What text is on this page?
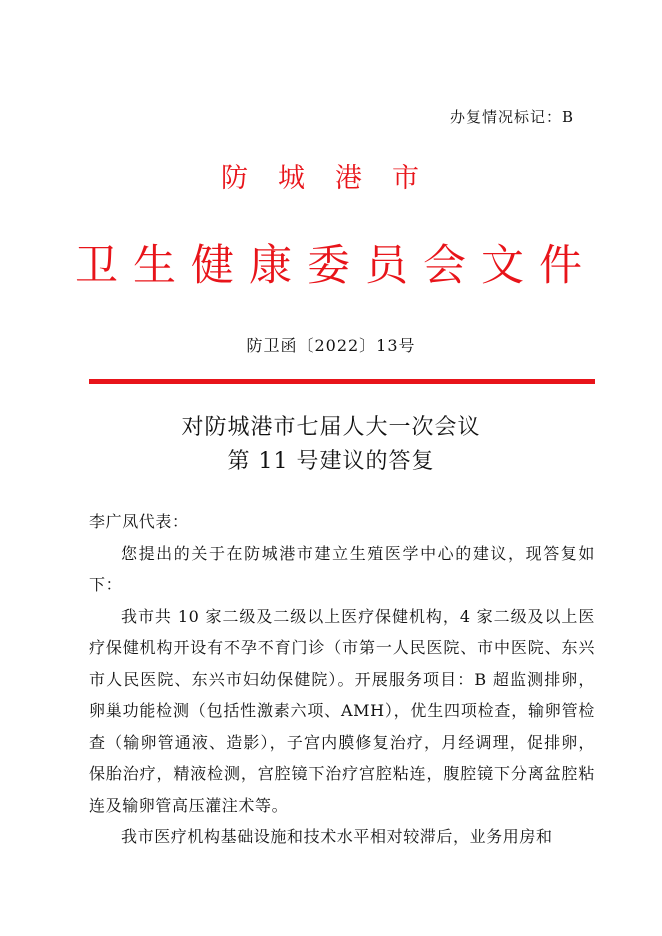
办复情况标记：B
防城港市
卫生健康委员会文件
防卫函〔2022〕13号
对防城港市七届人大一次会议
第 11 号建议的答复

李广凤代表：

您提出的关于在防城港市建立生殖医学中心的建议，现答复如下：

我市共 10 家二级及二级以上医疗保健机构，4 家二级及以上医疗保健机构开设有不孕不育门诊（市第一人民医院、市中医院、东兴市人民医院、东兴市妇幼保健院）。开展服务项目：B 超监测排卵，卵巢功能检测（包括性激素六项、AMH），优生四项检查，输卵管检查（输卵管通液、造影），子宫内膜修复治疗，月经调理，促排卵，保胎治疗，精液检测，宫腔镜下治疗宫腔粘连，腹腔镜下分离盆腔粘连及输卵管高压灌注术等。

我市医疗机构基础设施和技术水平相对较滞后，业务用房和
